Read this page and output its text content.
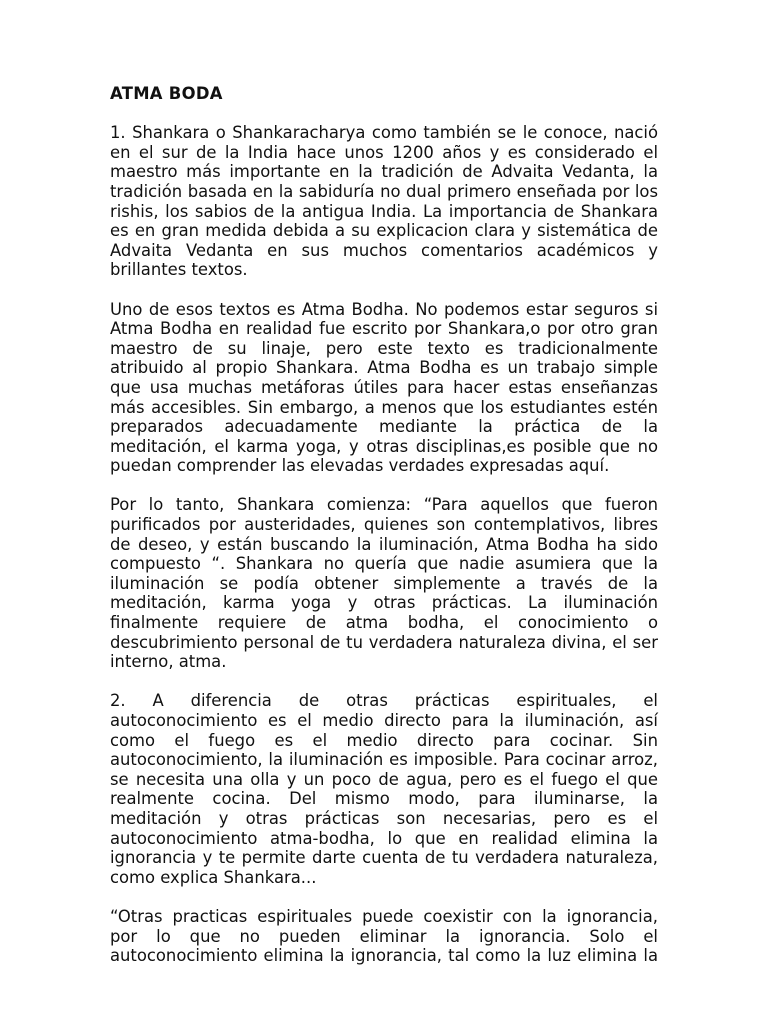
ATMA BODA

1. Shankara o Shankaracharya como también se le conoce, nació en el sur de la India hace unos 1200 años y es considerado el maestro más importante en la tradición de Advaita Vedanta, la tradición basada en la sabiduría no dual primero enseñada por los rishis, los sabios de la antigua India. La importancia de Shankara es en gran medida debida a su explicacion clara y sistemática de Advaita Vedanta en sus muchos comentarios académicos y brillantes textos.

Uno de esos textos es Atma Bodha. No podemos estar seguros si Atma Bodha en realidad fue escrito por Shankara,o por otro gran maestro de su linaje, pero este texto es tradicionalmente atribuido al propio Shankara. Atma Bodha es un trabajo simple que usa muchas metáforas útiles para hacer estas enseñanzas más accesibles. Sin embargo, a menos que los estudiantes estén preparados adecuadamente mediante la práctica de la meditación, el karma yoga, y otras disciplinas,es posible que no puedan comprender las elevadas verdades expresadas aquí.

Por lo tanto, Shankara comienza: “Para aquellos que fueron purificados por austeridades, quienes son contemplativos, libres de deseo, y están buscando la iluminación, Atma Bodha ha sido compuesto “. Shankara no quería que nadie asumiera que la iluminación se podía obtener simplemente a través de la meditación, karma yoga y otras prácticas. La iluminación finalmente requiere de atma bodha, el conocimiento o descubrimiento personal de tu verdadera naturaleza divina, el ser interno, atma.

2. A diferencia de otras prácticas espirituales, el autoconocimiento es el medio directo para la iluminación, así como el fuego es el medio directo para cocinar. Sin autoconocimiento, la iluminación es imposible. Para cocinar arroz, se necesita una olla y un poco de agua, pero es el fuego el que realmente cocina. Del mismo modo, para iluminarse, la meditación y otras prácticas son necesarias, pero es el autoconocimiento atma-bodha, lo que en realidad elimina la ignorancia y te permite darte cuenta de tu verdadera naturaleza, como explica Shankara...

“Otras practicas espirituales puede coexistir con la ignorancia,
por lo que no pueden eliminar la ignorancia. Solo el autoconocimiento elimina la ignorancia, tal como la luz elimina la
